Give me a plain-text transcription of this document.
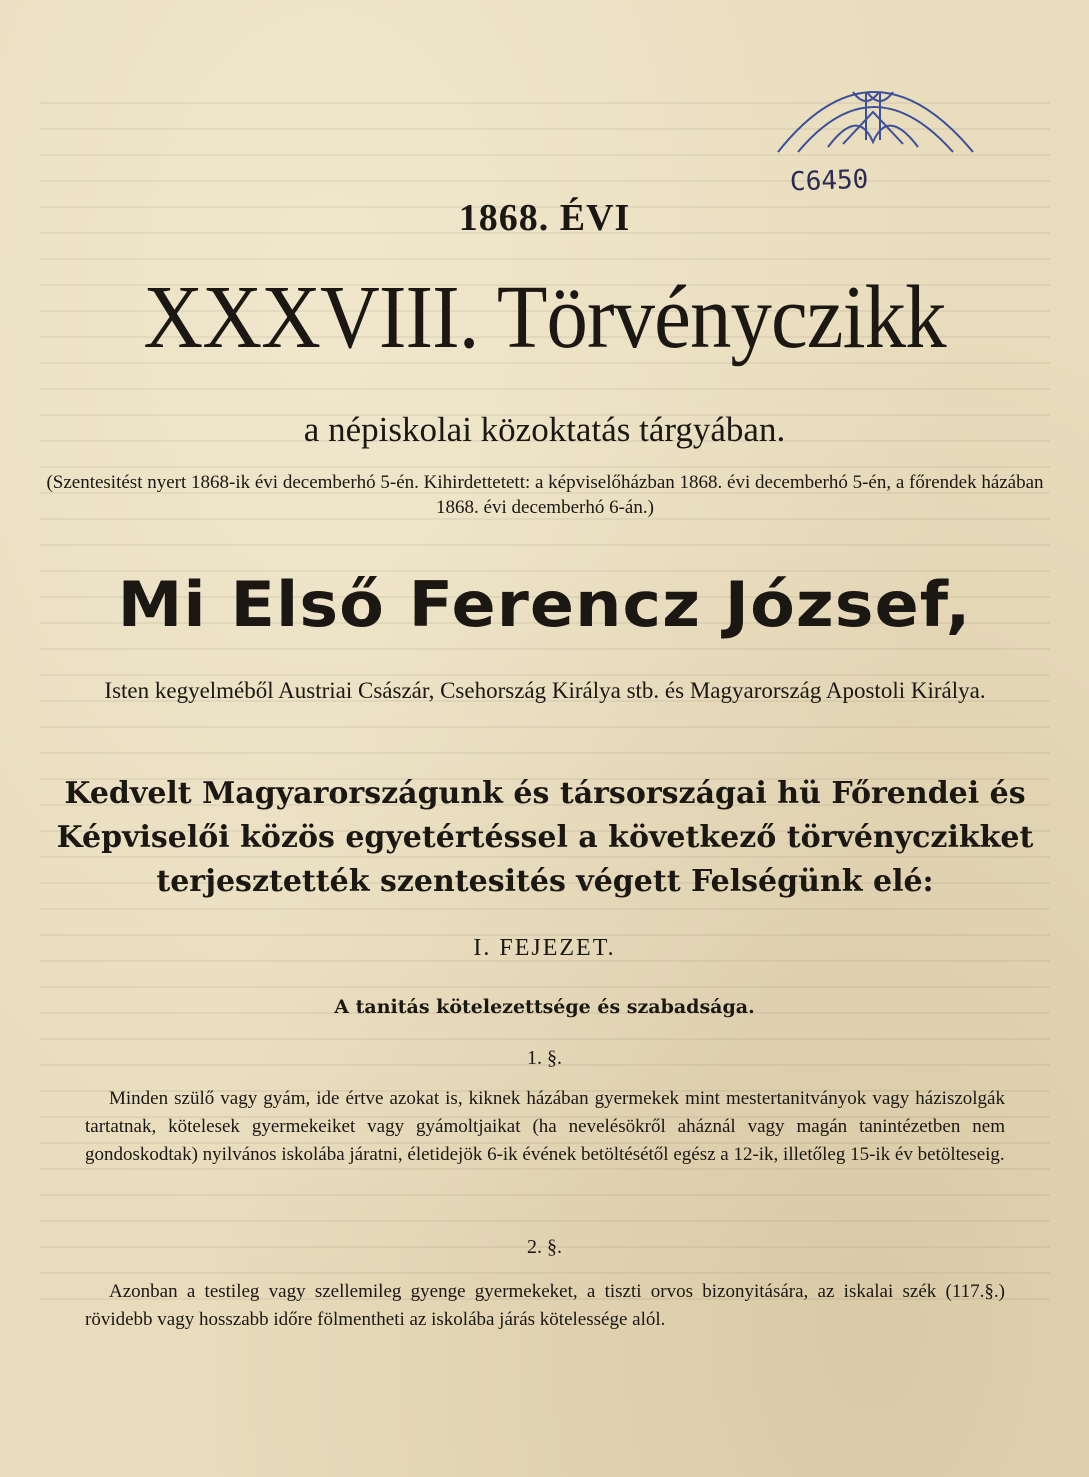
C6450
1868. ÉVI
XXXVIII. Törvényczikk
a népiskolai közoktatás tárgyában.
(Szentesitést nyert 1868-ik évi decemberhó 5-én. Kihirdettetett: a képviselőházban 1868. évi decemberhó 5-én, a főrendek házában 1868. évi decemberhó 6-án.)
Mi Első Ferencz József,
Isten kegyelméből Austriai Császár, Csehország Királya stb. és Magyarország Apostoli Királya.
Kedvelt Magyarországunk és társországai hü Főrendei és Képviselői közös egyetértéssel a következő törvényczikket terjesztették szentesités végett Felségünk elé:
I. FEJEZET.
A tanitás kötelezettsége és szabadsága.
1. §.
Minden szülő vagy gyám, ide értve azokat is, kiknek házában gyermekek mint mestertanitványok vagy háziszolgák tartatnak, kötelesek gyermekeiket vagy gyámoltjaikat (ha nevelésökről aháznál vagy magán tanintézetben nem gondoskodtak) nyilvános iskolába járatni, életidejök 6-ik évének betöltésétől egész a 12-ik, illetőleg 15-ik év betölteseig.
2. §.
Azonban a testileg vagy szellemileg gyenge gyermekeket, a tiszti orvos bizonyitására, az iskalai szék (117.§.) rövidebb vagy hosszabb időre fölmentheti az iskolába járás kötelessége alól.
